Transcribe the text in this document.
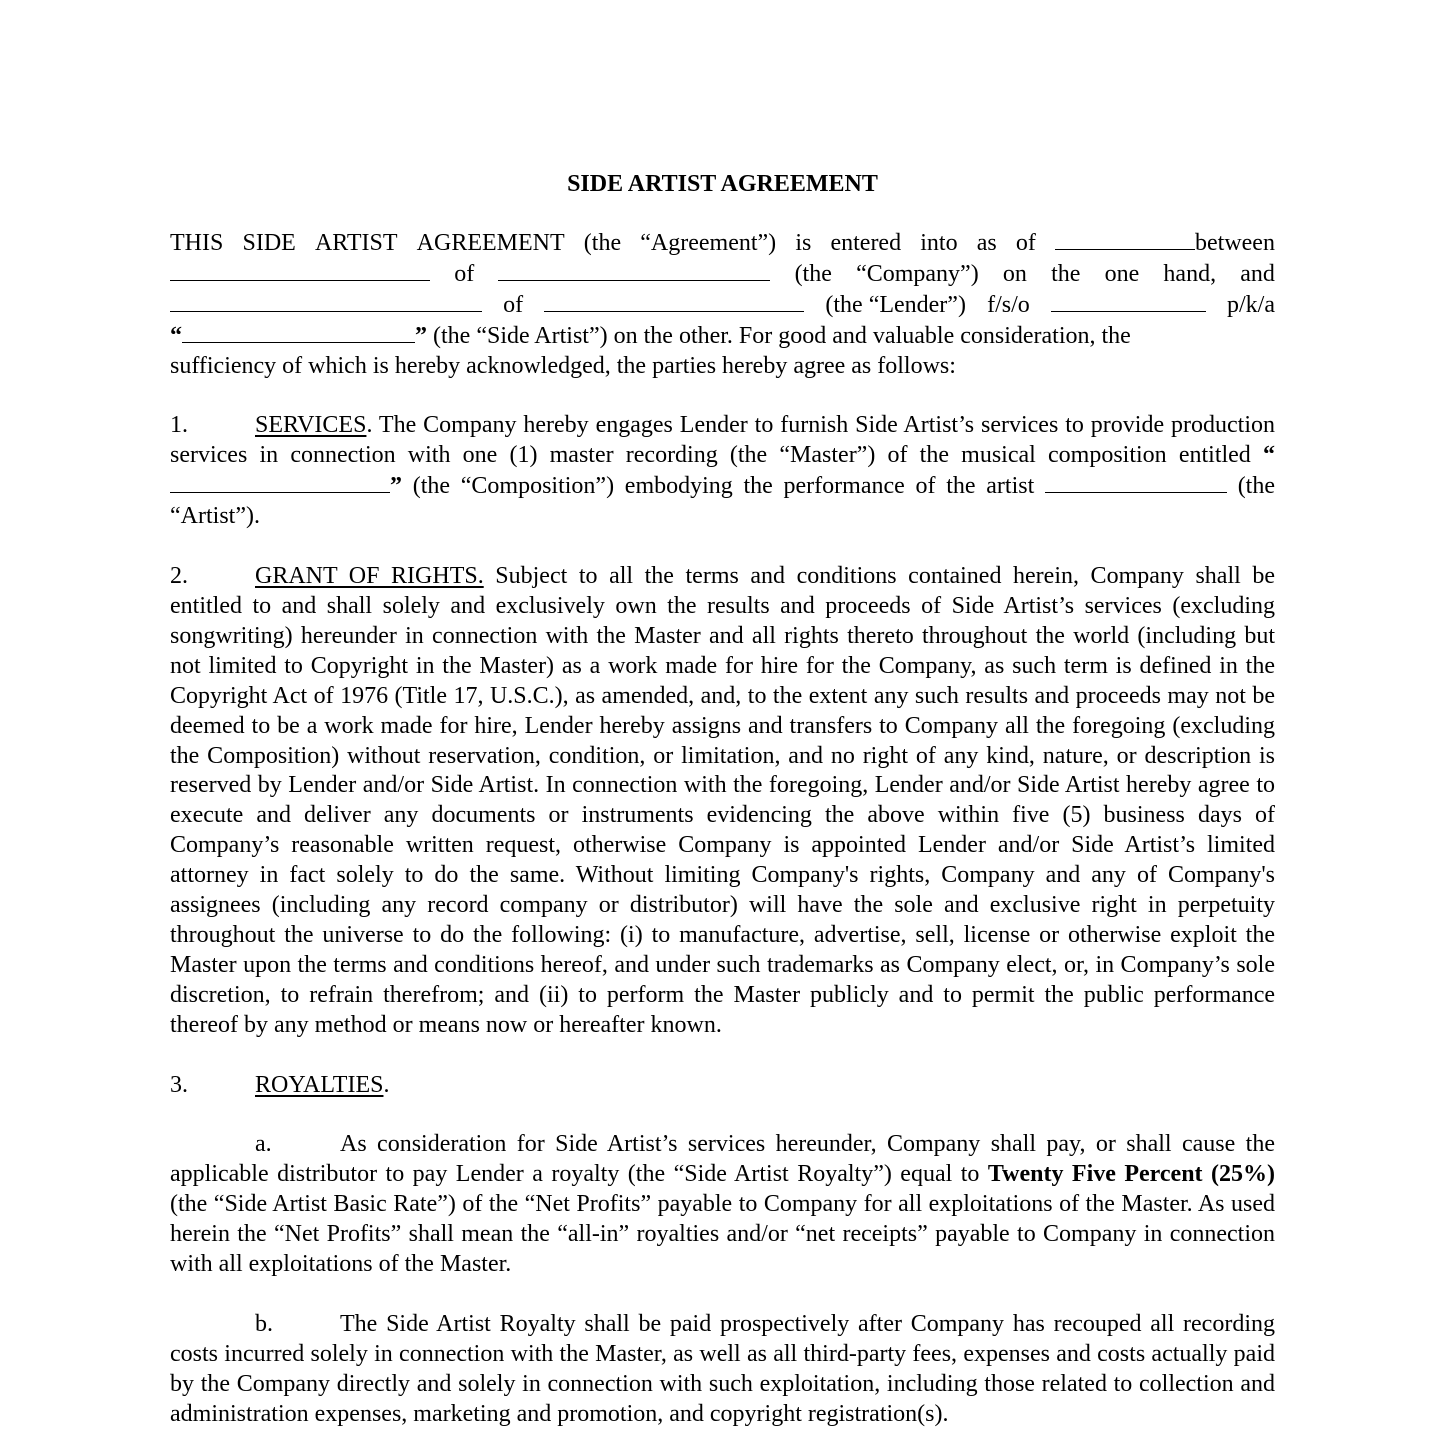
SIDE ARTIST AGREEMENT
THIS SIDE ARTIST AGREEMENT (the “Agreement”) is entered into as of	between
of	(the “Company”) on the one hand, and
of	(the “Lender”) f/s/o	p/k/a
“	” (the “Side Artist”) on the other. For good and valuable consideration, the
sufficiency of which is hereby acknowledged, the parties hereby agree as follows:

1.	SERVICES. The Company hereby engages Lender to furnish Side Artist’s services to provide production services in connection with one (1) master recording (the “Master”) of the musical composition entitled “” (the “Composition”) embodying the performance of the artist	(the “Artist”).

2.	GRANT OF RIGHTS. Subject to all the terms and conditions contained herein, Company shall be entitled to and shall solely and exclusively own the results and proceeds of Side Artist’s services (excluding songwriting) hereunder in connection with the Master and all rights thereto throughout the world (including but not limited to Copyright in the Master) as a work made for hire for the Company, as such term is defined in the Copyright Act of 1976 (Title 17, U.S.C.), as amended, and, to the extent any such results and proceeds may not be deemed to be a work made for hire, Lender hereby assigns and transfers to Company all the foregoing (excluding the Composition) without reservation, condition, or limitation, and no right of any kind, nature, or description is reserved by Lender and/or Side Artist. In connection with the foregoing, Lender and/or Side Artist hereby agree to execute and deliver any documents or instruments evidencing the above within five (5) business days of Company’s reasonable written request, otherwise Company is appointed Lender and/or Side Artist’s limited attorney in fact solely to do the same. Without limiting Company's rights, Company and any of Company's assignees (including any record company or distributor) will have the sole and exclusive right in perpetuity throughout the universe to do the following: (i) to manufacture, advertise, sell, license or otherwise exploit the Master upon the terms and conditions hereof, and under such trademarks as Company elect, or, in Company’s sole discretion, to refrain therefrom; and (ii) to perform the Master publicly and to permit the public performance thereof by any method or means now or hereafter known.

3.	ROYALTIES.

a.	As consideration for Side Artist’s services hereunder, Company shall pay, or shall cause the applicable distributor to pay Lender a royalty (the “Side Artist Royalty”) equal to Twenty Five Percent (25%) (the “Side Artist Basic Rate”) of the “Net Profits” payable to Company for all exploitations of the Master. As used herein the “Net Profits” shall mean the “all-in” royalties and/or “net receipts” payable to Company in connection with all exploitations of the Master.

b.	The Side Artist Royalty shall be paid prospectively after Company has recouped all recording costs incurred solely in connection with the Master, as well as all third-party fees, expenses and costs actually paid by the Company directly and solely in connection with such exploitation, including those related to collection and administration expenses, marketing and promotion, and copyright registration(s).
